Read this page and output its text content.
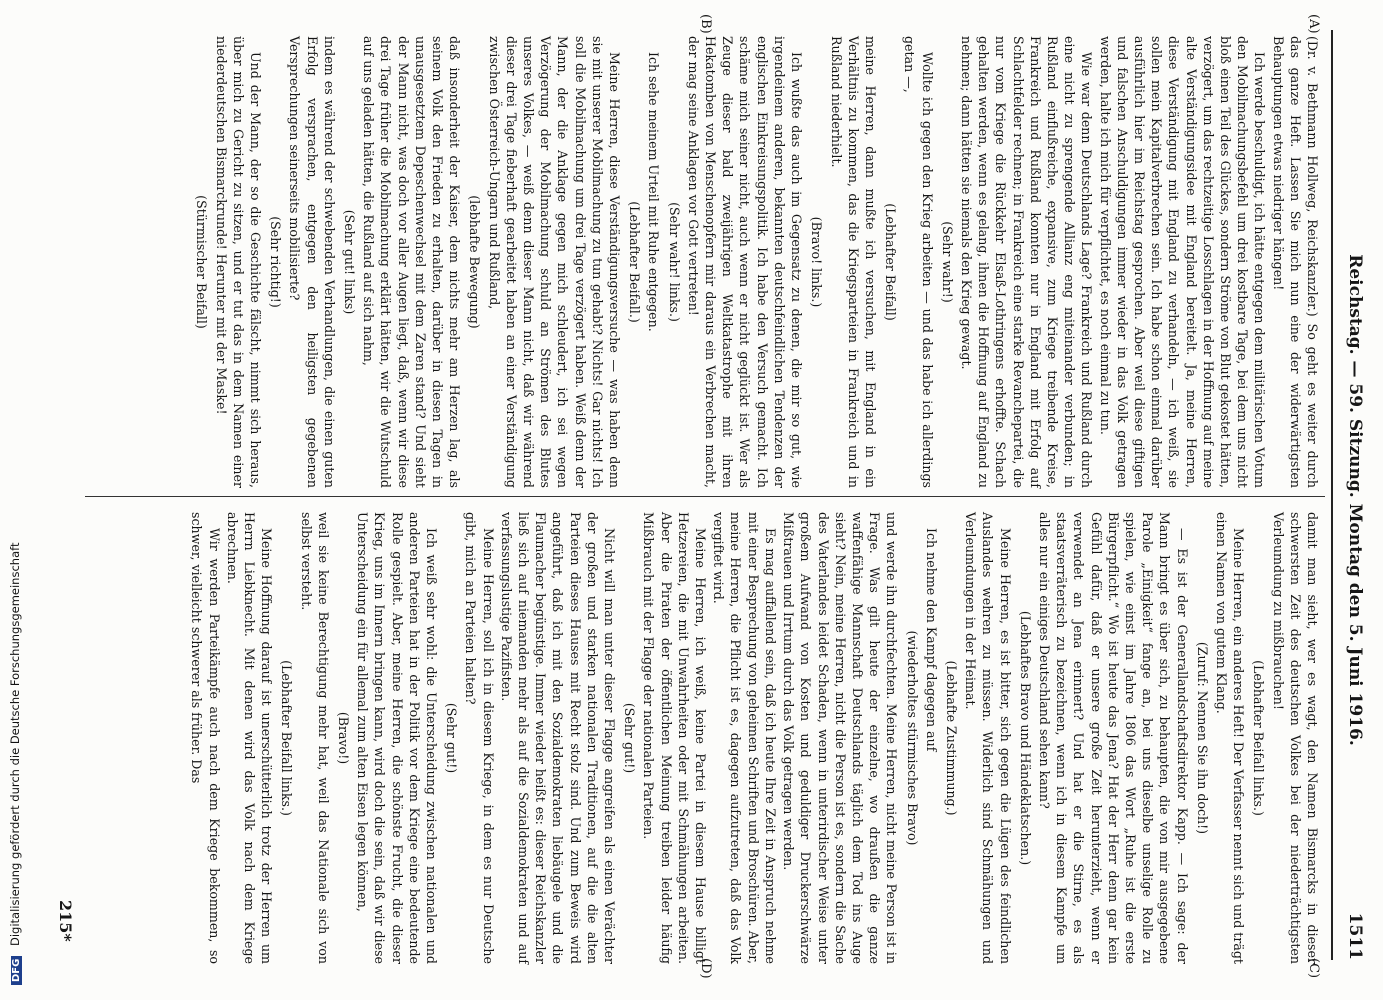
Reichstag. — 59. Sitzung. Montag den 5. Juni 1916.
1511
(A)
(B)
(C)
(D)

(Dr. v. Bethmann Hollweg, Reichskanzler.) So geht es weiter durch das ganze Heft. Lassen Sie mich nun eine der widerwärtigsten Behauptungen etwas niedriger hängen!

Ich werde beschuldigt, ich hätte entgegen dem militärischen Votum den Mobilmachungsbefehl um drei kostbare Tage, bei dem uns nicht bloß einen Teil des Glückes, sondern Ströme von Blut gekostet hätten, verzögert, um das rechtzeitige Losschlagen in der Hoffnung auf meine alte Verständigungsidee mit England bereitelt. Ja, meine Herren, diese Verständigung mit England zu verhandeln, — ich weiß, sie sollen mein Kapitalverbrechen sein. Ich habe schon einmal darüber ausführlich hier im Reichstag gesprochen. Aber weil diese giftigen und falschen Anschuldigungen immer wieder in das Volk getragen werden, halte ich mich für verpflichtet, es noch einmal zu tun.

Wie war denn Deutschlands Lage? Frankreich und Rußland durch eine nicht zu sprengende Allianz eng miteinander verbunden; in Rußland einflußreiche, expansive, zum Kriege treibende Kreise, Frankreich und Rußland konnten nur in England mit Erfolg auf Schlachtfelder rechnen; in Frankreich eine starke Revanchepartei, die nur vom Kriege die Rückkehr Elsaß-Lothringens erhoffte. Schach gehalten werden, wenn es gelang, ihnen die Hoffnung auf England zu nehmen; dann hätten sie niemals den Krieg gewagt.

(Sehr wahr!)

Wollte ich gegen den Krieg arbeiten — und das habe ich allerdings getan —,

(Lebhafter Beifall)

meine Herren, dann mußte ich versuchen, mit England in ein Verhältnis zu kommen, das die Kriegsparteien in Frankreich und in Rußland niederhielt.

(Bravo! links.)

Ich wußte das auch im Gegensatz zu denen, die mir so gut, wie irgendeinem anderen, bekannten deutschfeindlichen Tendenzen der englischen Einkreisungspolitik. Ich habe den Versuch gemacht. Ich schäme mich seiner nicht, auch wenn er nicht geglückt ist. Wer als Zeuge dieser bald zweijährigen Weltkatastrophe mit ihren Hekatomben von Menschenopfern mir daraus ein Verbrechen macht, der mag seine Anklagen vor Gott vertreten!

(Sehr wahr! links.)

Ich sehe meinem Urteil mit Ruhe entgegen.

(Lebhafter Beifall.)

Meine Herren, diese Verständigungsversuche — was haben denn sie mit unserer Mobilmachung zu tun gehabt? Nichts! Gar nichts! Ich soll die Mobilmachung um drei Tage verzögert haben. Weiß denn der Mann, der die Anklage gegen mich schleudert, ich sei wegen Verzögerung der Mobilmachung schuld an Strömen des Blutes unseres Volkes, — weiß denn dieser Mann nicht, daß wir während dieser drei Tage fieberhaft gearbeitet haben an einer Verständigung zwischen Österreich-Ungarn und Rußland,

(lebhafte Bewegung)

daß insonderheit der Kaiser, dem nichts mehr am Herzen lag, als seinem Volk den Frieden zu erhalten, darüber in diesen Tagen in unausgesetztem Depeschenwechsel mit dem Zaren stand? Und sieht der Mann nicht, was doch vor aller Augen liegt, daß, wenn wir diese drei Tage früher die Mobilmachung erklärt hätten, wir die Wutschuld auf uns geladen hätten, die Rußland auf sich nahm,

(Sehr gut! links)

indem es während der schwebenden Verhandlungen, die einen guten Erfolg versprachen, entgegen den heiligsten gegebenen Versprechungen seinerseits mobilisierte?

(Sehr richtig!)

Und der Mann, der so die Geschichte fälscht, nimmt sich heraus, über mich zu Gericht zu sitzen, und er tut das in dem Namen einer niederdeutschen Bismarckrunde! Herunter mit der Maske!

(Stürmischer Beifall)

damit man sieht, wer es wagt, den Namen Bismarcks in dieser schwersten Zeit des deutschen Volkes bei der niederträchtigsten Verleumdung zu mißbrauchen!

(Lebhafter Beifall links.)

Meine Herren, ein anderes Heft! Der Verfasser nennt sich und trägt einen Namen von gutem Klang.

(Zuruf: Nennen Sie ihn doch!)

— Es ist der Generallandschaftsdirektor Kapp. — Ich sage: der Mann bringt es über sich, zu behaupten, die von mir ausgegebene Parole „Einigkeit“ fange an, bei uns dieselbe unselige Rolle zu spielen, wie einst im Jahre 1806 das Wort „Ruhe ist die erste Bürgerpflicht.“ Wo ist heute das Jena? Hat der Herr denn gar kein Gefühl dafür, daß er unsere große Zeit herunterzieht, wenn er verwendet an Jena erinnert? Und hat er die Stirne, es als staatsverräterisch zu bezeichnen, wenn ich in diesem Kampfe um alles nur ein einiges Deutschland sehen kann?

(Lebhaftes Bravo und Händeklatschen.)

Meine Herren, es ist bitter, sich gegen die Lügen des feindlichen Auslandes wehren zu müssen. Widerlich sind Schmähungen und Verleumdungen in der Heimat.

(Lebhafte Zustimmung.)

Ich nehme den Kampf dagegen auf

(wiederholtes stürmisches Bravo)

und werde ihn durchfechten. Meine Herren, nicht meine Person ist in Frage. Was gilt heute der einzelne, wo draußen die ganze waffenfähige Mannschaft Deutschlands täglich dem Tod ins Auge sieht? Nein, meine Herren, nicht die Person ist es, sondern die Sache des Vaterlandes leidet Schaden, wenn in unterirdischer Weise unter großem Aufwand von Kosten und geduldiger Druckerschwärze Mißtrauen und Irrtum durch das Volk getragen werden.

Es mag auffallend sein, daß ich heute Ihre Zeit in Anspruch nehme mit einer Besprechung von geheimen Schriften und Broschüren. Aber, meine Herren, die Pflicht ist es, dagegen aufzutreten, daß das Volk vergiftet wird.

Meine Herren, ich weiß, keine Partei in diesem Hause billigt Hetzereien, die mit Unwahrheiten oder mit Schmähungen arbeiten. Aber die Piraten der öffentlichen Meinung treiben leider häufig Mißbrauch mit der Flagge der nationalen Parteien.

(Sehr gut!)

Nicht will man unter dieser Flagge angreifen als einen Verächter der großen und starken nationalen Traditionen, auf die die alten Parteien dieses Hauses mit Recht stolz sind. Und zum Beweis wird angeführt, daß ich mit den Sozialdemokraten liebäugele und die Flaumacher begünstige. Immer wieder heißt es: dieser Reichskanzler ließ sich auf niemanden mehr als auf die Sozialdemokraten und auf verfassungslustige Pazifisten.

Meine Herren, soll ich in diesem Kriege, in dem es nur Deutsche gibt, mich an Parteien halten?

(Sehr gut!)

Ich weiß sehr wohl: die Unterscheidung zwischen nationalen und anderen Parteien hat in der Politik vor dem Kriege eine bedeutende Rolle gespielt. Aber, meine Herren, die schönste Frucht, die dieser Krieg, uns im Innern bringen kann, wird doch die sein, daß wir diese Unterscheidung ein für allemal zum alten Eisen legen können,

(Bravo!)

weil sie keine Berechtigung mehr hat, weil das Nationale sich von selbst versteht.

(Lebhafter Beifall links.)

Meine Hoffnung darauf ist unerschütterlich trotz der Herren um Herrn Liebknecht. Mit denen wird das Volk nach dem Kriege abrechnen.

Wir werden Parteikämpfe auch nach dem Kriege bekommen, so schwer, vielleicht schwerer als früher. Das

215*
DFG Digitalisierung gefördert durch die Deutsche Forschungsgemeinschaft
